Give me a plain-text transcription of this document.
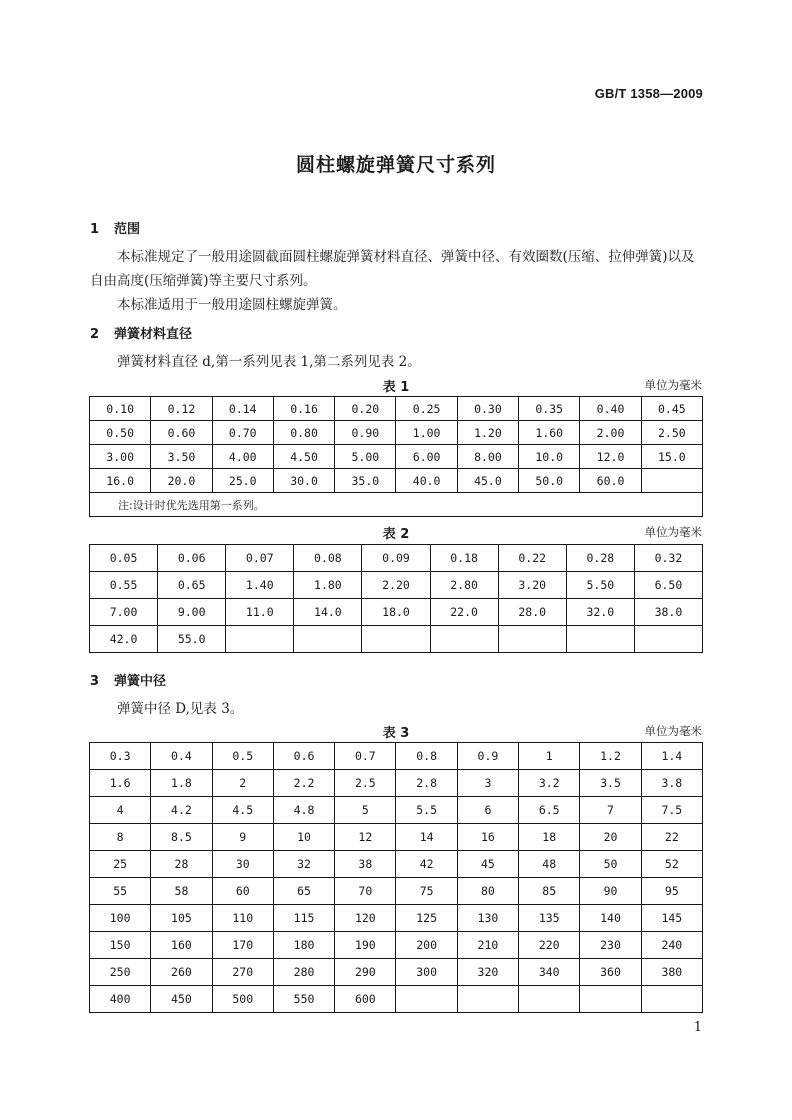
GB/T 1358—2009
圆柱螺旋弹簧尺寸系列
1 范围
本标准规定了一般用途圆截面圆柱螺旋弹簧材料直径、弹簧中径、有效圈数(压缩、拉伸弹簧)以及
自由高度(压缩弹簧)等主要尺寸系列。
本标准适用于一般用途圆柱螺旋弹簧。
2 弹簧材料直径
弹簧材料直径 d,第一系列见表 1,第二系列见表 2。
表 1	单位为毫米
0.10	0.12	0.14	0.16	0.20	0.25	0.30	0.35	0.40	0.45
0.50	0.60	0.70	0.80	0.90	1.00	1.20	1.60	2.00	2.50
3.00	3.50	4.00	4.50	5.00	6.00	8.00	10.0	12.0	15.0
16.0	20.0	25.0	30.0	35.0	40.0	45.0	50.0	60.0	
注:设计时优先选用第一系列。									
表 2	单位为毫米
0.05	0.06	0.07	0.08	0.09	0.18	0.22	0.28	0.32
0.55	0.65	1.40	1.80	2.20	2.80	3.20	5.50	6.50
7.00	9.00	11.0	14.0	18.0	22.0	28.0	32.0	38.0
42.0	55.0							
3 弹簧中径
弹簧中径 D,见表 3。
表 3	单位为毫米
0.3	0.4	0.5	0.6	0.7	0.8	0.9	1	1.2	1.4
1.6	1.8	2	2.2	2.5	2.8	3	3.2	3.5	3.8
4	4.2	4.5	4.8	5	5.5	6	6.5	7	7.5
8	8.5	9	10	12	14	16	18	20	22
25	28	30	32	38	42	45	48	50	52
55	58	60	65	70	75	80	85	90	95
100	105	110	115	120	125	130	135	140	145
150	160	170	180	190	200	210	220	230	240
250	260	270	280	290	300	320	340	360	380
400	450	500	550	600					
1
